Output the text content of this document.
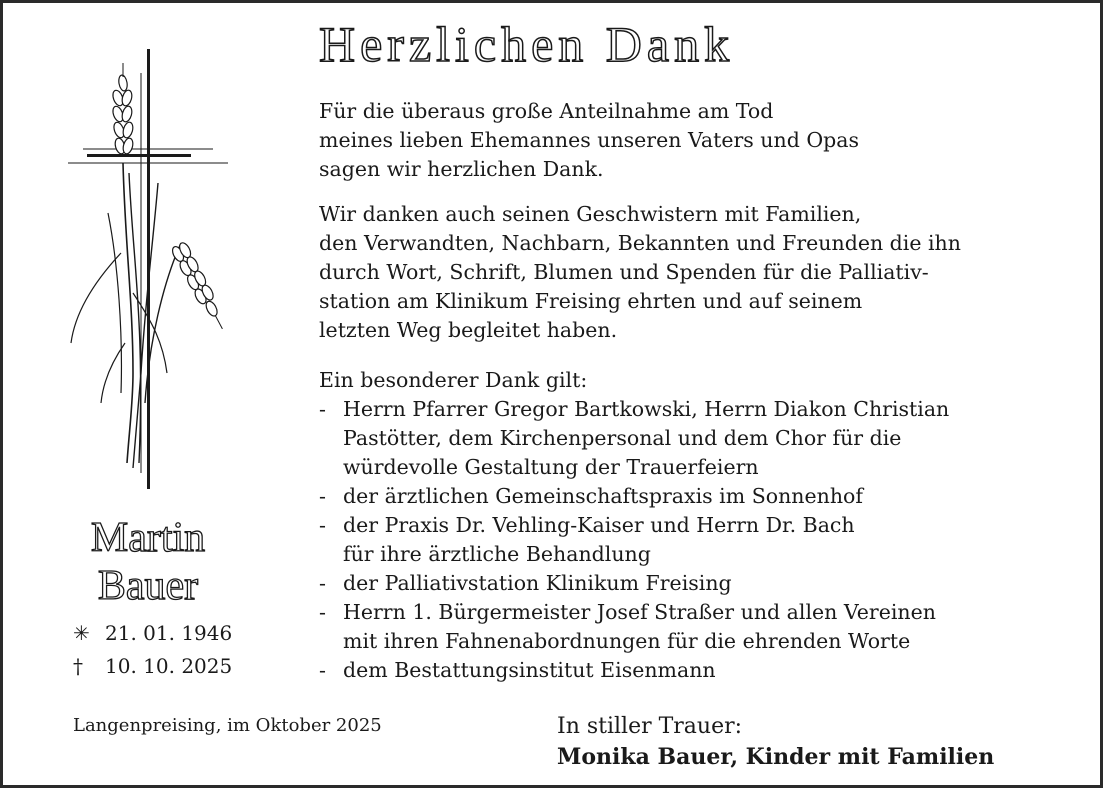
Herzlichen Dank
Für die überaus große Anteilnahme am Tod
meines lieben Ehemannes unseren Vaters und Opas
sagen wir herzlichen Dank.
Wir danken auch seinen Geschwistern mit Familien,
den Verwandten, Nachbarn, Bekannten und Freunden die ihn
durch Wort, Schrift, Blumen und Spenden für die Palliativ-
station am Klinikum Freising ehrten und auf seinem
letzten Weg begleitet haben.
Ein besonderer Dank gilt:
- Herrn Pfarrer Gregor Bartkowski, Herrn Diakon Christian
Pastötter, dem Kirchenpersonal und dem Chor für die
würdevolle Gestaltung der Trauerfeiern
- der ärztlichen Gemeinschaftspraxis im Sonnenhof
- der Praxis Dr. Vehling-Kaiser und Herrn Dr. Bach
für ihre ärztliche Behandlung
- der Palliativstation Klinikum Freising
- Herrn 1. Bürgermeister Josef Straßer und allen Vereinen
mit ihren Fahnenabordnungen für die ehrenden Worte
- dem Bestattungsinstitut Eisenmann
Martin
Bauer
✳ 21. 01. 1946
† 10. 10. 2025
Langenpreising, im Oktober 2025	In stiller Trauer:
Monika Bauer, Kinder mit Familien
